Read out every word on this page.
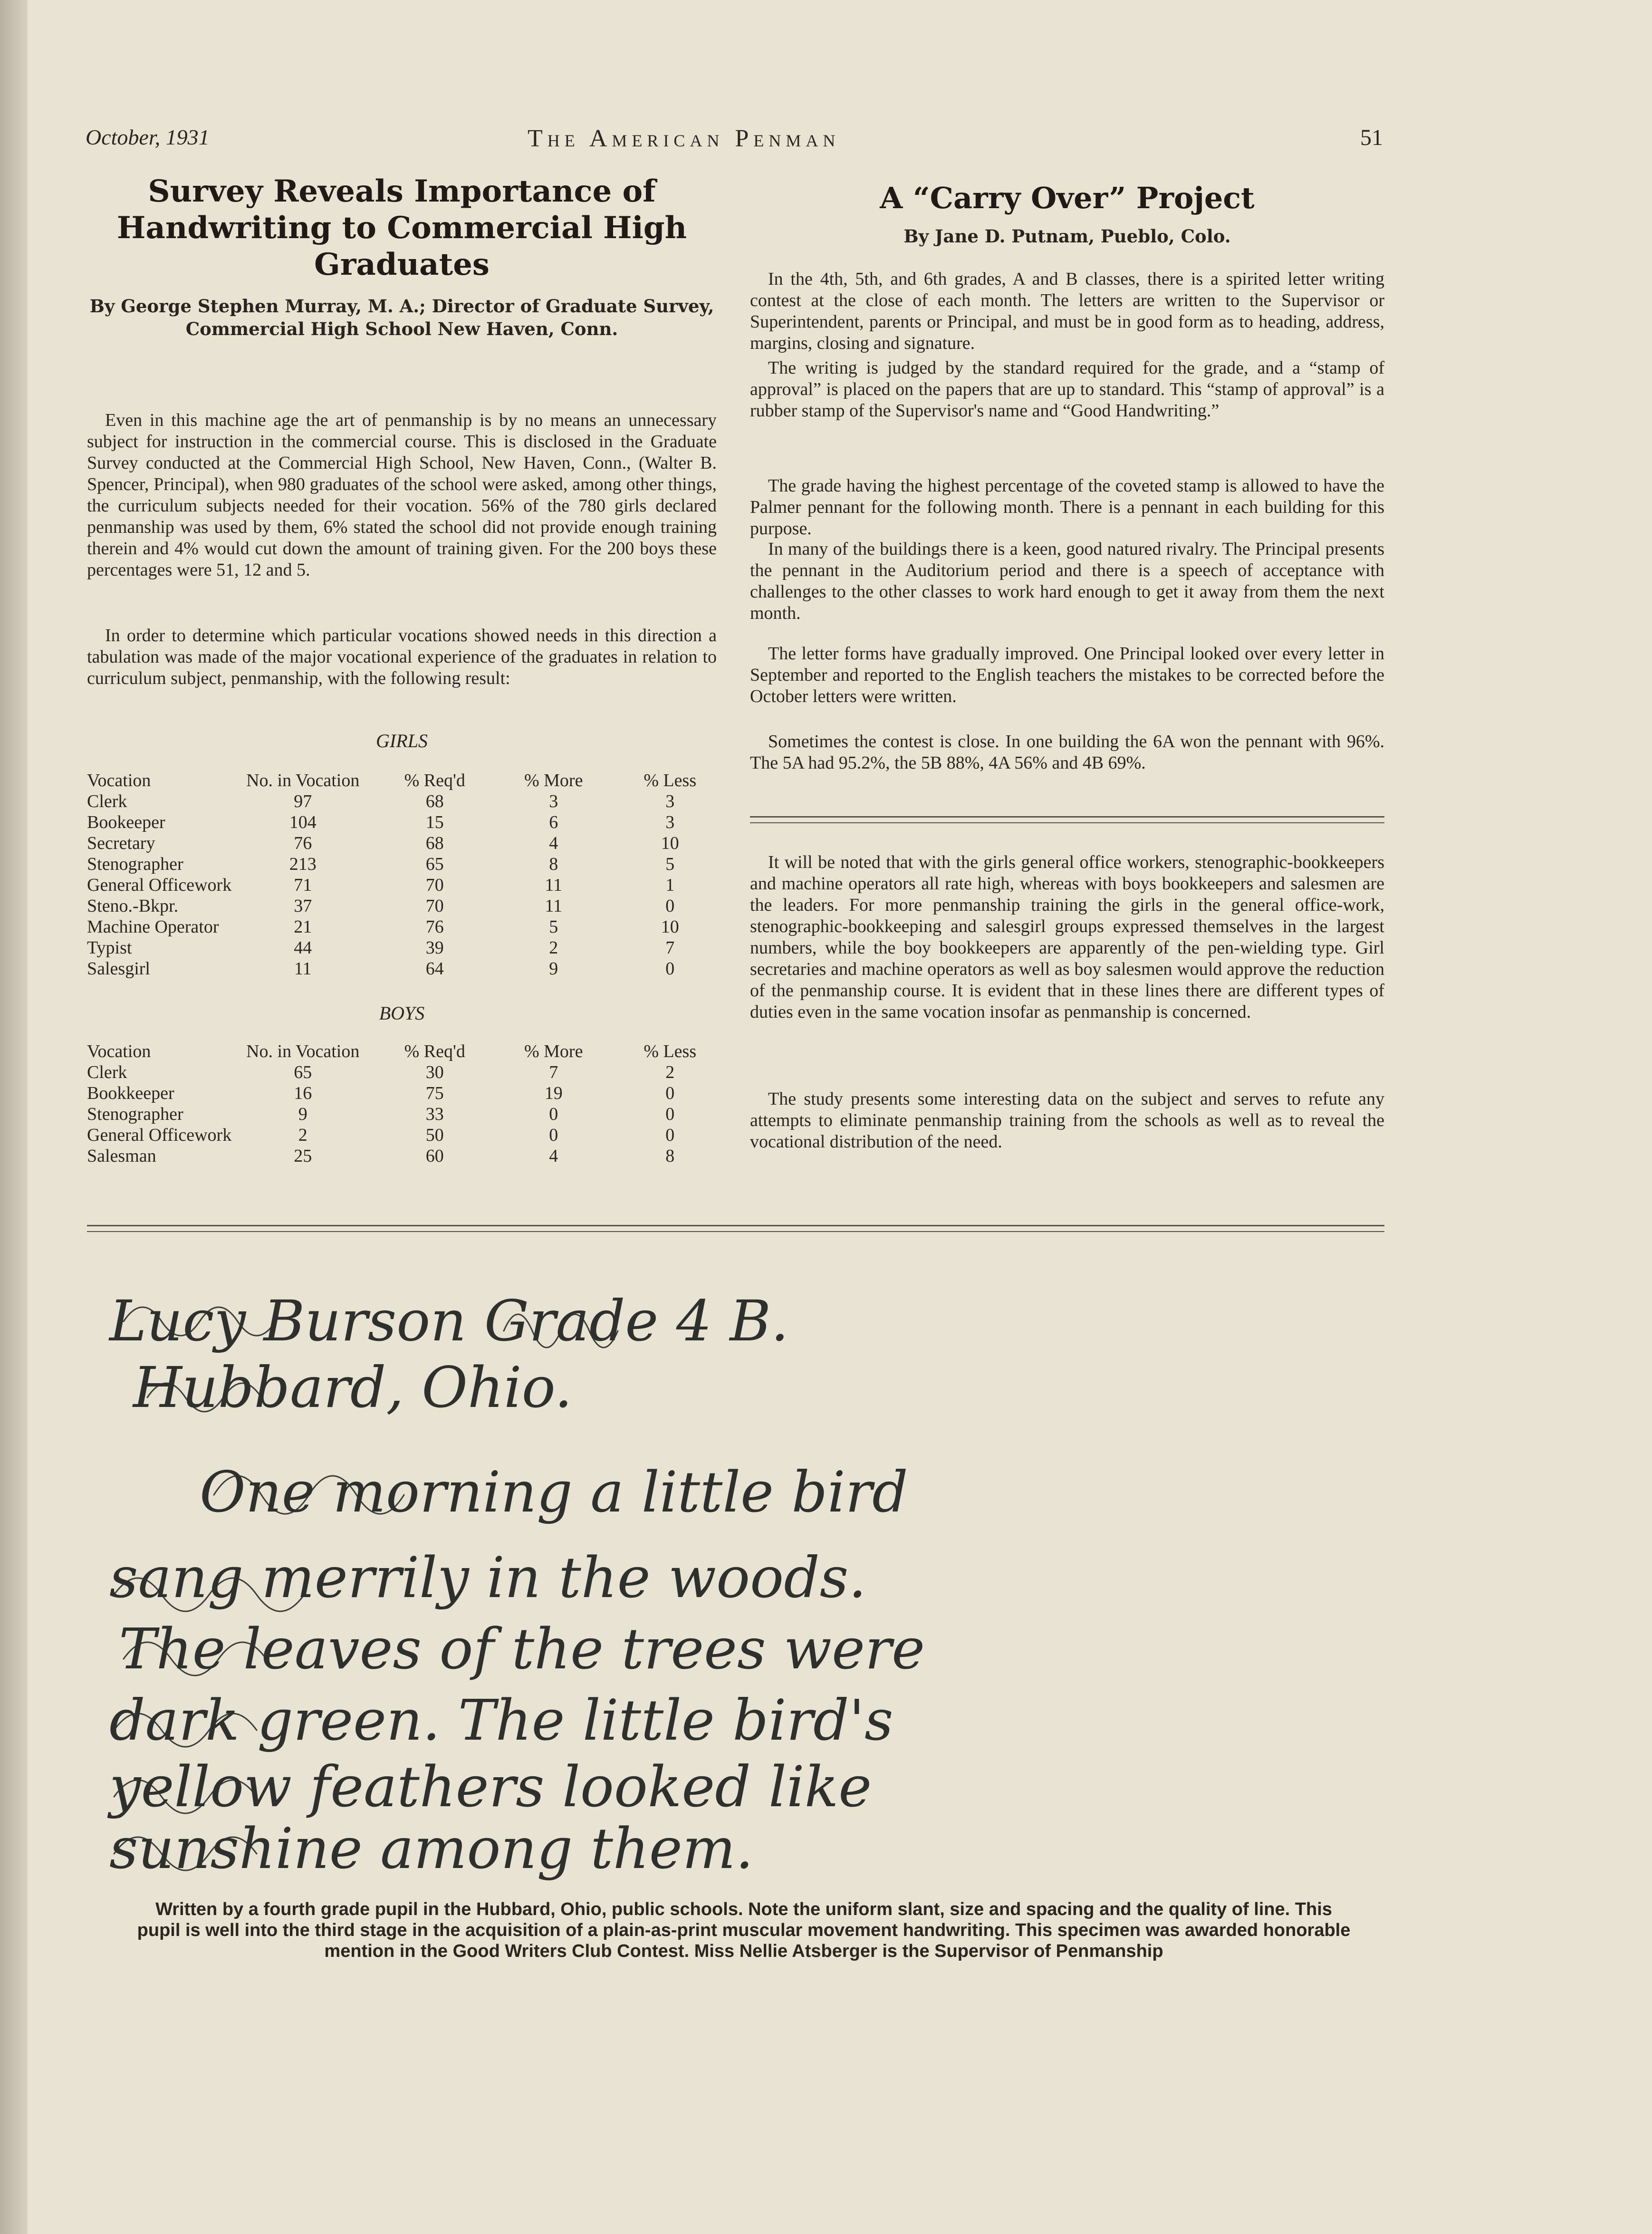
October, 1931	The American Penman	51
Survey Reveals Importance of Handwriting to Commercial High Graduates
By George Stephen Murray, M. A.; Director of Graduate Survey, Commercial High School New Haven, Conn.

Even in this machine age the art of penmanship is by no means an unnecessary subject for instruction in the commercial course. This is disclosed in the Graduate Survey conducted at the Commercial High School, New Haven, Conn., (Walter B. Spencer, Principal), when 980 graduates of the school were asked, among other things, the curriculum subjects needed for their vocation. 56% of the 780 girls declared penmanship was used by them, 6% stated the school did not provide enough training therein and 4% would cut down the amount of training given. For the 200 boys these percentages were 51, 12 and 5.

In order to determine which particular vocations showed needs in this direction a tabulation was made of the major vocational experience of the graduates in relation to curriculum subject, penmanship, with the following result:

GIRLS
Vocation	No. in Vocation	% Req'd	% More	% Less
Clerk	97	68	3	3
Bookeeper	104	15	6	3
Secretary	76	68	4	10
Stenographer	213	65	8	5
General Officework	71	70	11	1
Steno.-Bkpr.	37	70	11	0
Machine Operator	21	76	5	10
Typist	44	39	2	7
Salesgirl	11	64	9	0
BOYS
Vocation	No. in Vocation	% Req'd	% More	% Less
Clerk	65	30	7	2
Bookkeeper	16	75	19	0
Stenographer	9	33	0	0
General Officework	2	50	0	0
Salesman	25	60	4	8
A “Carry Over” Project
By Jane D. Putnam, Pueblo, Colo.

In the 4th, 5th, and 6th grades, A and B classes, there is a spirited letter writing contest at the close of each month. The letters are written to the Supervisor or Superintendent, parents or Principal, and must be in good form as to heading, address, margins, closing and signature.

The writing is judged by the standard required for the grade, and a “stamp of approval” is placed on the papers that are up to standard. This “stamp of approval” is a rubber stamp of the Supervisor's name and “Good Handwriting.”

The grade having the highest percentage of the coveted stamp is allowed to have the Palmer pennant for the following month. There is a pennant in each building for this purpose.

In many of the buildings there is a keen, good natured rivalry. The Principal presents the pennant in the Auditorium period and there is a speech of acceptance with challenges to the other classes to work hard enough to get it away from them the next month.

The letter forms have gradually improved. One Principal looked over every letter in September and reported to the English teachers the mistakes to be corrected before the October letters were written.

Sometimes the contest is close. In one building the 6A won the pennant with 96%. The 5A had 95.2%, the 5B 88%, 4A 56% and 4B 69%.

It will be noted that with the girls general office workers, stenographic-bookkeepers and machine operators all rate high, whereas with boys bookkeepers and salesmen are the leaders. For more penmanship training the girls in the general office-work, stenographic-bookkeeping and salesgirl groups expressed themselves in the largest numbers, while the boy bookkeepers are apparently of the pen-wielding type. Girl secretaries and machine operators as well as boy salesmen would approve the reduction of the penmanship course. It is evident that in these lines there are different types of duties even in the same vocation insofar as penmanship is concerned.

The study presents some interesting data on the subject and serves to refute any attempts to eliminate penmanship training from the schools as well as to reveal the vocational distribution of the need.

Lucy Burson Grade 4 B.
Hubbard, Ohio.
One morning a little bird
sang merrily in the woods.
The leaves of the trees were
dark green. The little bird's
yellow feathers looked like
sunshine among them.
Written by a fourth grade pupil in the Hubbard, Ohio, public schools. Note the uniform slant, size and spacing and the quality of line. This pupil is well into the third stage in the acquisition of a plain-as-print muscular movement handwriting. This specimen was awarded honorable mention in the Good Writers Club Contest. Miss Nellie Atsberger is the Supervisor of Penmanship
